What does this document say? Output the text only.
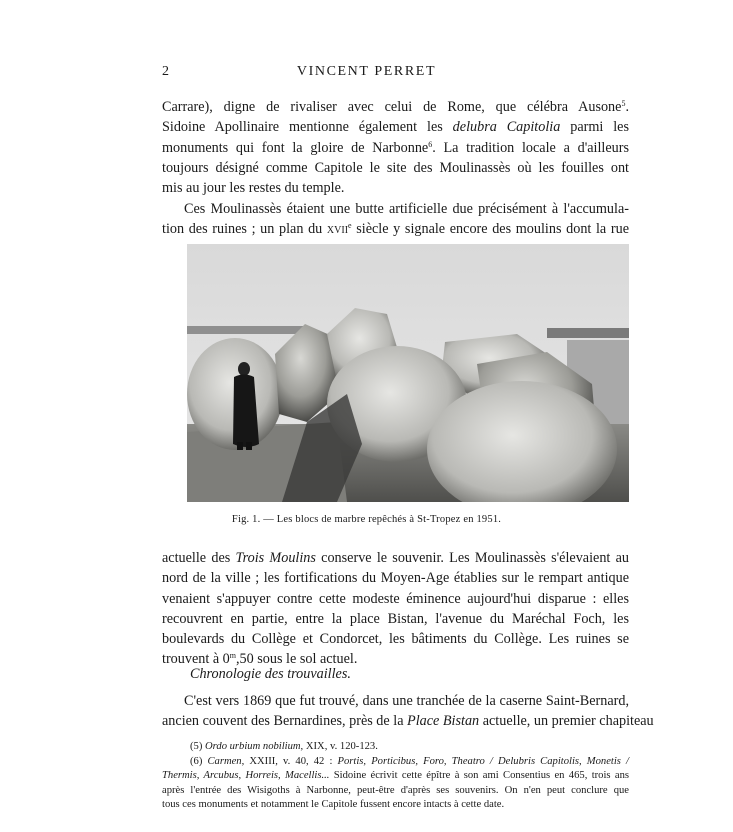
2	VINCENT PERRET
Carrare), digne de rivaliser avec celui de Rome, que célébra Ausone$^5$.
Sidoine Apollinaire mentionne également les delubra Capitolia parmi les
monuments qui font la gloire de Narbonne$^6$. La tradition locale a d'ailleurs
toujours désigné comme Capitole le site des Moulinassès où les fouilles ont
mis au jour les restes du temple.
Ces Moulinassès étaient une butte artificielle due précisément à l'accumula-
tion des ruines ; un plan du xvii$^e$ siècle y signale encore des moulins dont la rue
Fig. 1. — Les blocs de marbre repêchés à St-Tropez en 1951.
actuelle des Trois Moulins conserve le souvenir. Les Moulinassès s'élevaient au
nord de la ville ; les fortifications du Moyen-Age établies sur le rempart antique
venaient s'appuyer contre cette modeste éminence aujourd'hui disparue : elles
recouvrent en partie, entre la place Bistan, l'avenue du Maréchal Foch, les
boulevards du Collège et Condorcet, les bâtiments du Collège. Les ruines se
trouvent à 0$^m$,50 sous le sol actuel.
Chronologie des trouvailles.
C'est vers 1869 que fut trouvé, dans une tranchée de la caserne Saint-Bernard,
ancien couvent des Bernardines, près de la Place Bistan actuelle, un premier chapiteau
(5) Ordo urbium nobilium, XIX, v. 120-123.
(6) Carmen, XXIII, v. 40, 42 : Portis, Porticibus, Foro, Theatro / Delubris Capitolis, Monetis /
Thermis, Arcubus, Horreis, Macellis... Sidoine écrivit cette épître à son ami Consentius en 465, trois ans
après l'entrée des Wisigoths à Narbonne, peut-être d'après ses souvenirs. On n'en peut conclure que
tous ces monuments et notamment le Capitole fussent encore intacts à cette date.
